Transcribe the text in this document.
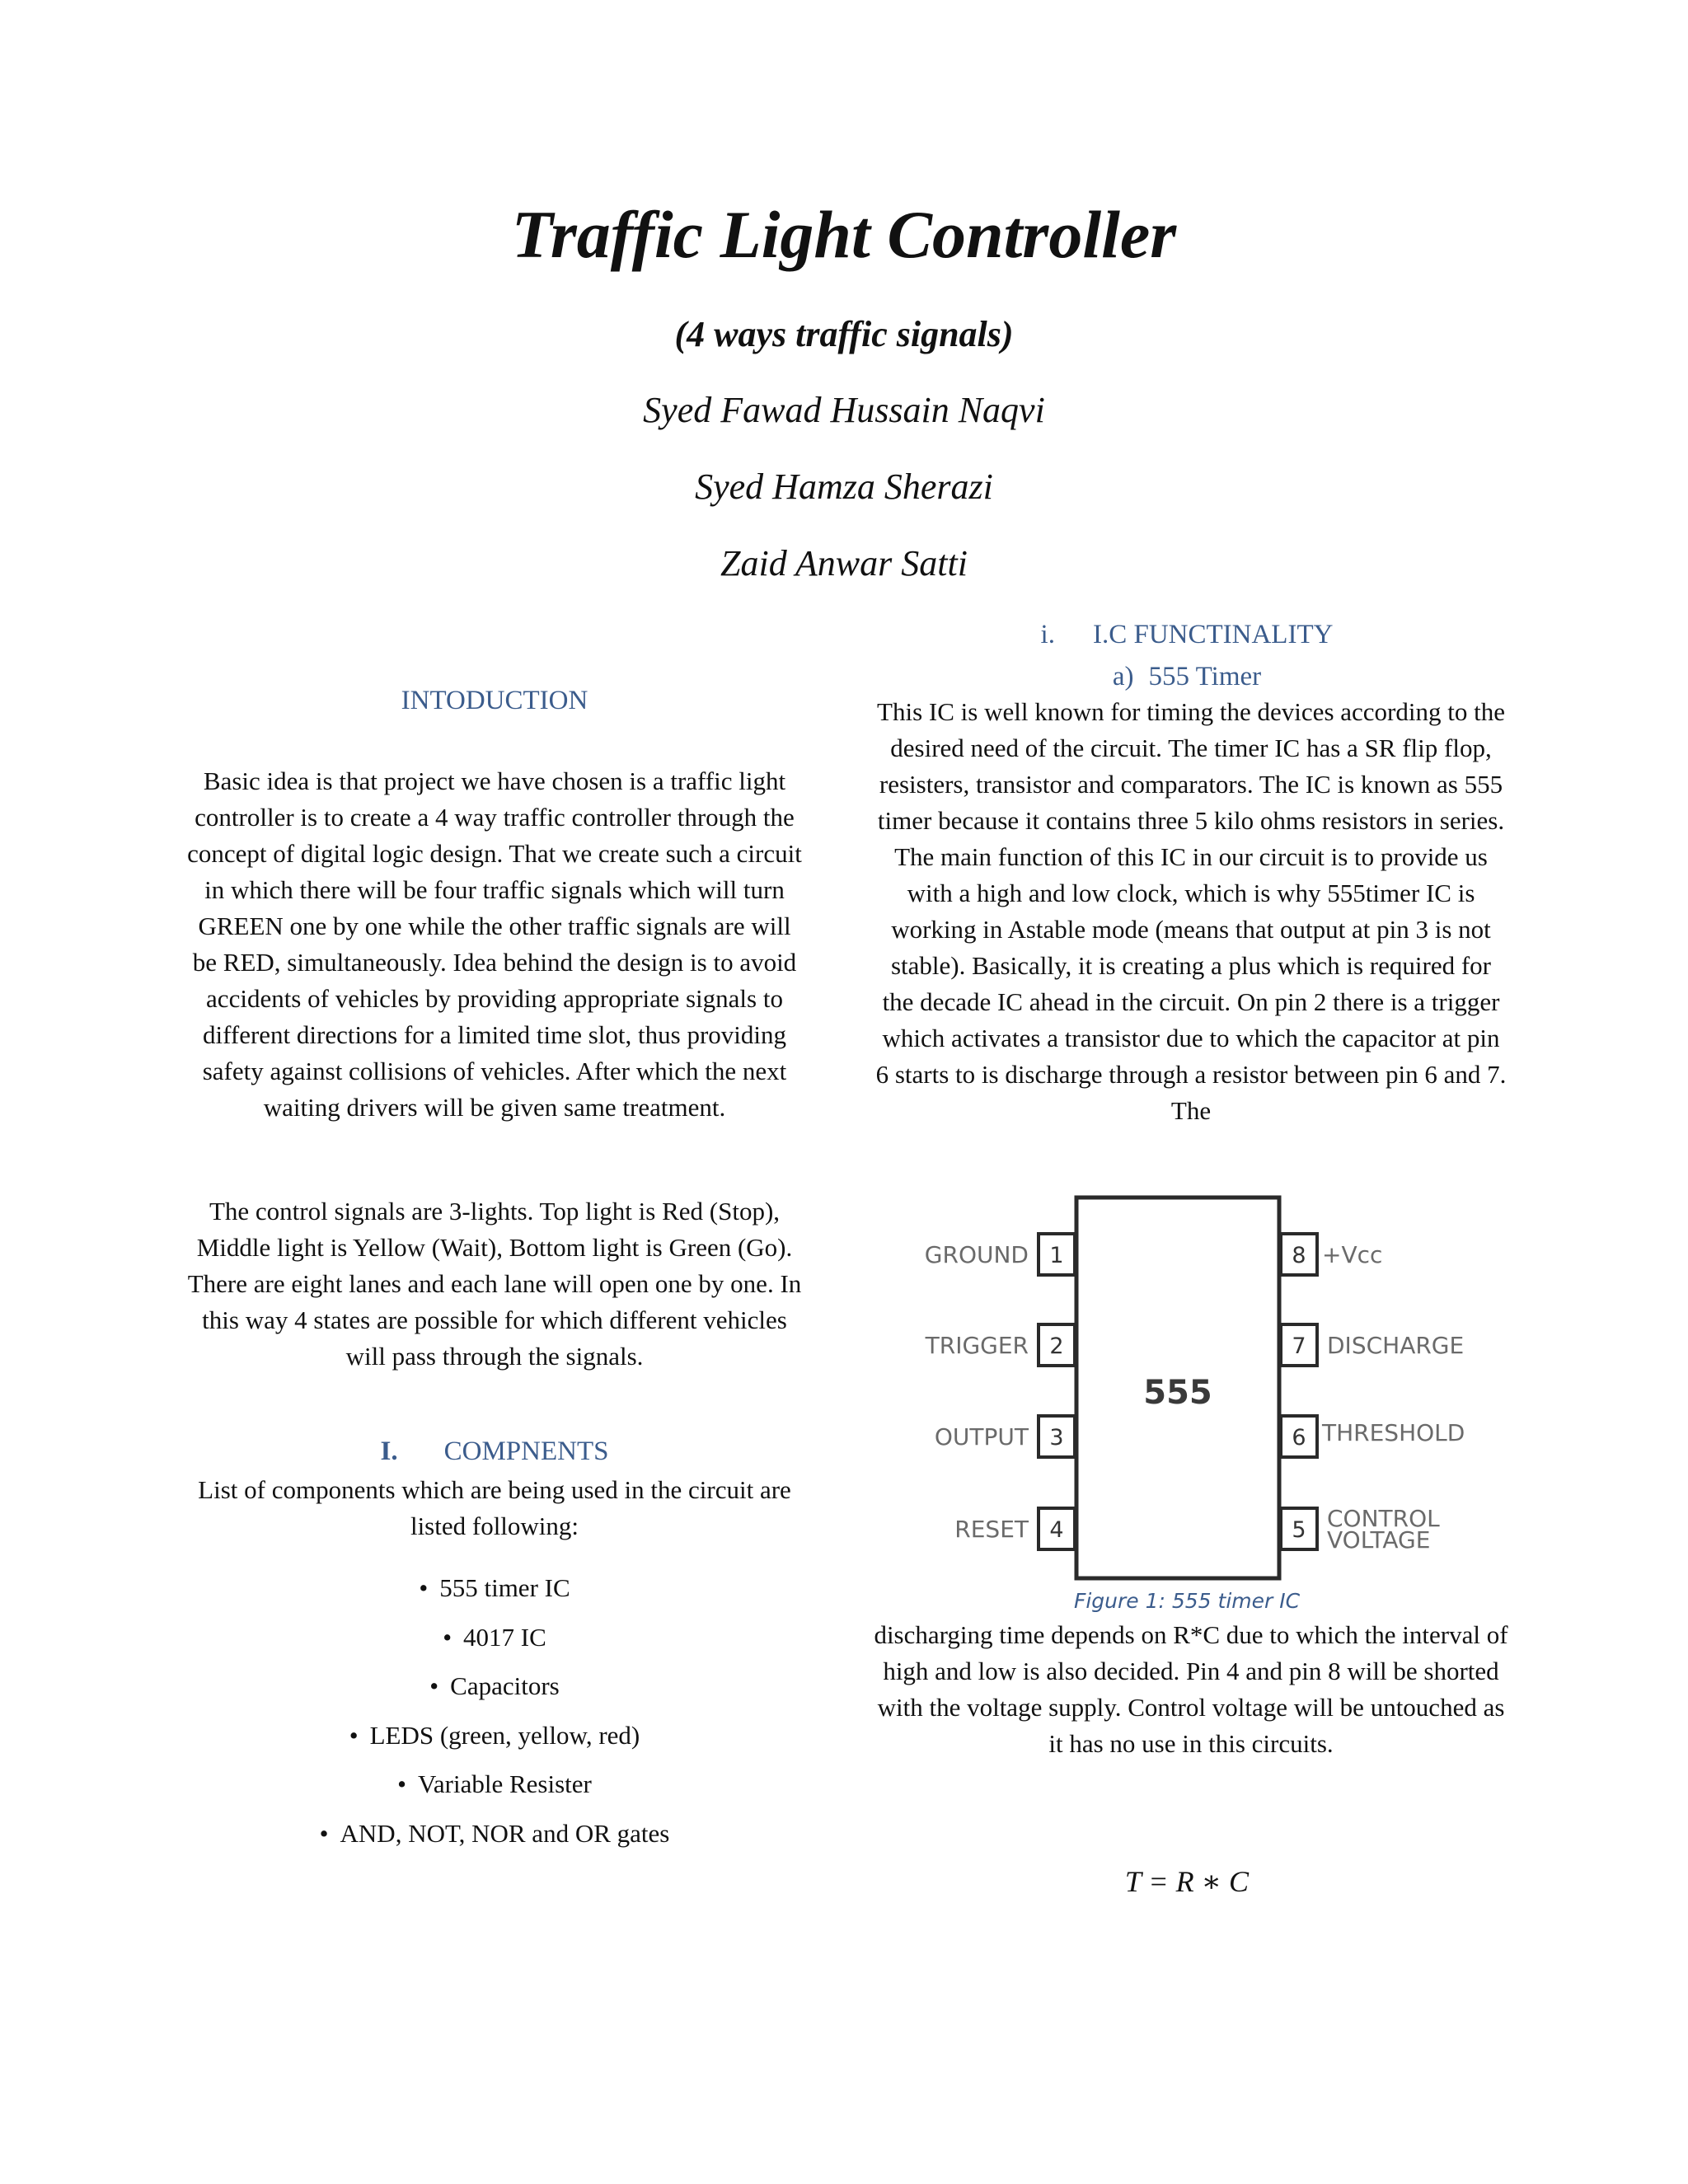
Traffic Light Controller
(4 ways traffic signals)
Syed Fawad Hussain Naqvi
Syed Hamza Sherazi
Zaid Anwar Satti
INTODUCTION
Basic idea is that project we have chosen is a traffic light controller is to create a 4 way traffic controller through the concept of digital logic design. That we create such a circuit in which there will be four traffic signals which will turn GREEN one by one while the other traffic signals are will be RED, simultaneously. Idea behind the design is to avoid accidents of vehicles by providing appropriate signals to different directions for a limited time slot, thus providing safety against collisions of vehicles. After which the next waiting drivers will be given same treatment.
The control signals are 3-lights. Top light is Red (Stop), Middle light is Yellow (Wait), Bottom light is Green (Go). There are eight lanes and each lane will open one by one. In this way 4 states are possible for which different vehicles will pass through the signals.
I. COMPNENTS
List of components which are being used in the circuit are listed following:
• 555 timer IC
• 4017 IC
• Capacitors
• LEDS (green, yellow, red)
• Variable Resister
• AND, NOT, NOR and OR gates
i. I.C FUNCTINALITY
a) 555 Timer
This IC is well known for timing the devices according to the desired need of the circuit. The timer IC has a SR flip flop, resisters, transistor and comparators. The IC is known as 555 timer because it contains three 5 kilo ohms resistors in series. The main function of this IC in our circuit is to provide us with a high and low clock, which is why 555timer IC is working in Astable mode (means that output at pin 3 is not stable). Basically, it is creating a plus which is required for the decade IC ahead in the circuit. On pin 2 there is a trigger which activates a transistor due to which the capacitor at pin 6 starts to is discharge through a resistor between pin 6 and 7. The
555
1
GROUND
2
TRIGGER
3
OUTPUT
4
RESET
8 +Vcc
7 DISCHARGE
6 THRESHOLD
5 CONTROL
VOLTAGE
Figure 1: 555 timer IC
discharging time depends on R*C due to which the interval of high and low is also decided. Pin 4 and pin 8 will be shorted with the voltage supply. Control voltage will be untouched as it has no use in this circuits.
T = R ∗ C
